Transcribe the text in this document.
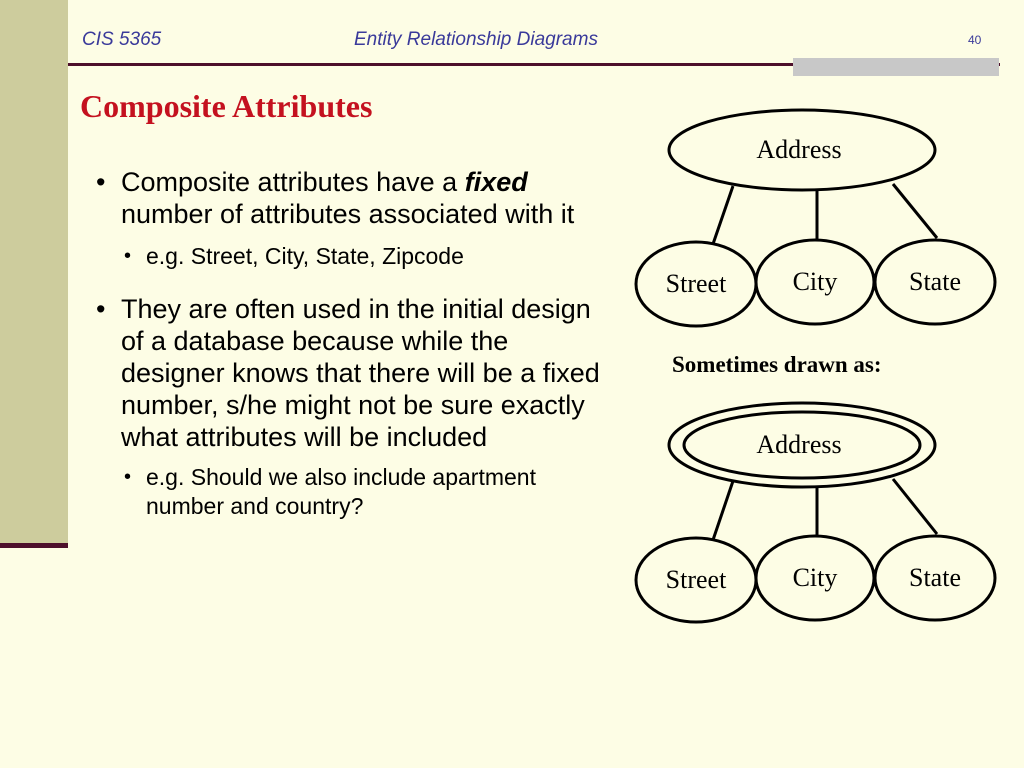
CIS 5365	Entity Relationship Diagrams	40
Composite Attributes
• Composite attributes have a fixed number of attributes associated with it
• e.g. Street, City, State, Zipcode
• They are often used in the initial design of a database because while the designer knows that there will be a fixed number, s/he might not be sure exactly what attributes will be included
• e.g. Should we also include apartment number and country?
Address
Street	City	State
Sometimes drawn as:
Address
Street	City	State
